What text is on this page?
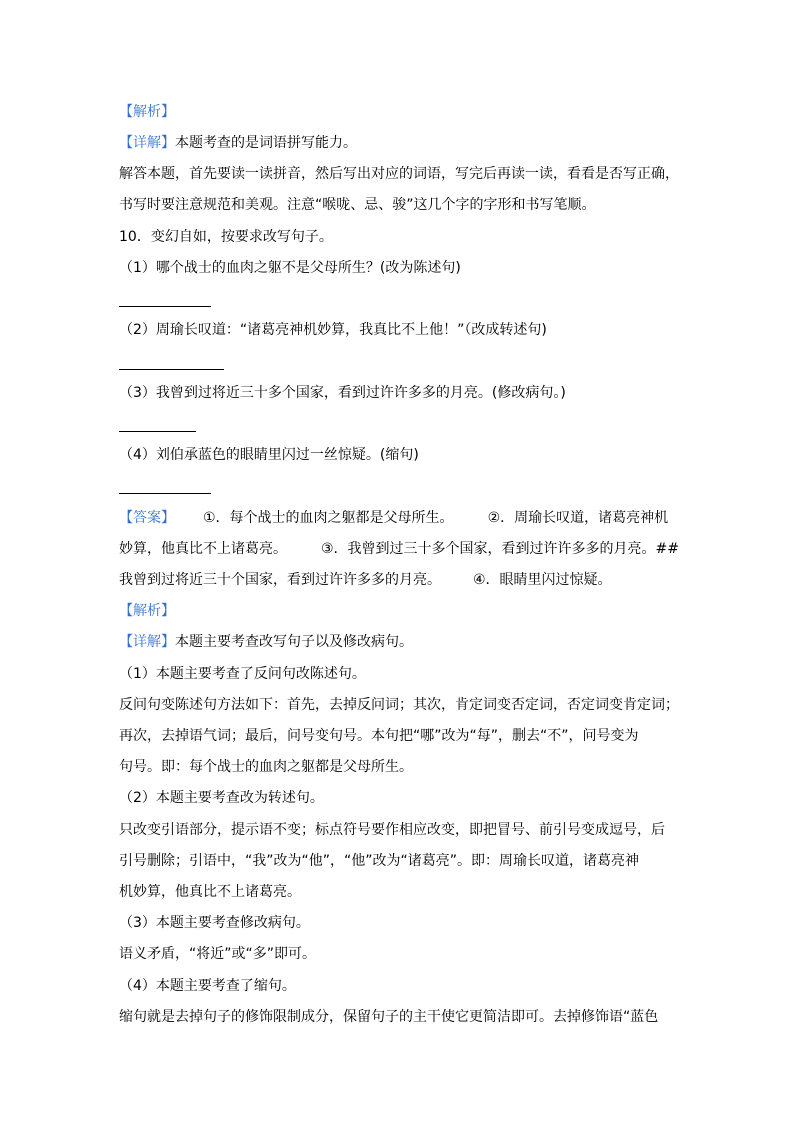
【解析】
【详解】本题考查的是词语拼写能力。
解答本题，首先要读一读拼音，然后写出对应的词语，写完后再读一读，看看是否写正确，
书写时要注意规范和美观。注意“喉咙、忌、骏”这几个字的字形和书写笔顺。
10．变幻自如，按要求改写句子。
（1）哪个战士的血肉之躯不是父母所生？(改为陈述句)
（2）周瑜长叹道：“诸葛亮神机妙算，我真比不上他！”（改成转述句)
（3）我曾到过将近三十多个国家，看到过许许多多的月亮。(修改病句。)
（4）刘伯承蓝色的眼睛里闪过一丝惊疑。(缩句)
【答案】 ①．每个战士的血肉之躯都是父母所生。 ②．周瑜长叹道，诸葛亮神机
妙算，他真比不上诸葛亮。 ③．我曾到过三十多个国家，看到过许许多多的月亮。##
我曾到过将近三十个国家，看到过许许多多的月亮。 ④．眼睛里闪过惊疑。
【解析】
【详解】本题主要考查改写句子以及修改病句。
（1）本题主要考查了反问句改陈述句。
反问句变陈述句方法如下：首先，去掉反问词；其次，肯定词变否定词，否定词变肯定词；
再次，去掉语气词；最后，问号变句号。本句把“哪”改为“每”，删去“不”，问号变为
句号。即：每个战士的血肉之躯都是父母所生。
（2）本题主要考查改为转述句。
只改变引语部分，提示语不变；标点符号要作相应改变，即把冒号、前引号变成逗号，后
引号删除；引语中，“我”改为“他”，“他”改为“诸葛亮”。即：周瑜长叹道，诸葛亮神
机妙算，他真比不上诸葛亮。
（3）本题主要考查修改病句。
语义矛盾，“将近”或“多”即可。
（4）本题主要考查了缩句。
缩句就是去掉句子的修饰限制成分，保留句子的主干使它更简洁即可。去掉修饰语“蓝色
